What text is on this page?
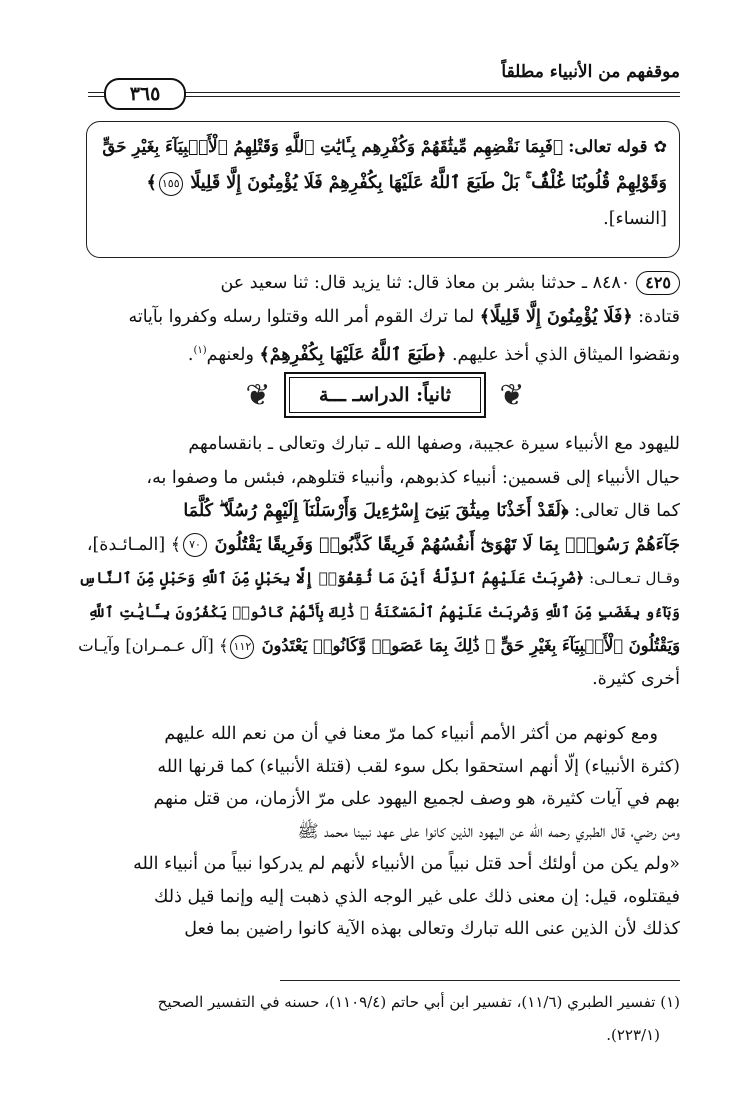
موقفهم من الأنبياء مطلقاً
٣٦٥
✿قوله تعالى: ﴿فَبِمَا نَقْضِهِم مِّيثَٰقَهُمْ وَكُفْرِهِم بِـَٔايَٰتِ ٱللَّهِ وَقَتْلِهِمُ ٱلْأَنۢبِيَآءَ بِغَيْرِ حَقٍّ
وَقَوْلِهِمْ قُلُوبُنَا غُلْفٌۢ ۚ بَلْ طَبَعَ ٱللَّهُ عَلَيْهَا بِكُفْرِهِمْ فَلَا يُؤْمِنُونَ إِلَّا قَلِيلًا ١٥٥﴾
[النساء].
٤٢٥٨٤٨٠ ـ حدثنا بشر بن معاذ قال: ثنا يزيد قال: ثنا سعيد عن
قتادة: ﴿فَلَا يُؤْمِنُونَ إِلَّا قَلِيلًا﴾ لما ترك القوم أمر الله وقتلوا رسله وكفروا بآياته
ونقضوا الميثاق الذي أخذ عليهم. ﴿طَبَعَ ٱللَّهُ عَلَيْهَا بِكُفْرِهِمْ﴾ ولعنهم$^{(١)}$.
❦
ثانياً: الدراسـ ـــة
❦
لليهود مع الأنبياء سيرة عجيبة، وصفها الله ـ تبارك وتعالى ـ بانقسامهم
حيال الأنبياء إلى قسمين: أنبياء كذبوهم، وأنبياء قتلوهم، فبئس ما وصفوا به،
كما قال تعالى: ﴿لَقَدْ أَخَذْنَا مِيثَٰقَ بَنِىٓ إِسْرَٰٓءِيلَ وَأَرْسَلْنَآ إِلَيْهِمْ رُسُلًا ۖ كُلَّمَا
جَآءَهُمْ رَسُولٌۢ بِمَا لَا تَهْوَىٰٓ أَنفُسُهُمْ فَرِيقًا كَذَّبُوا۟ وَفَرِيقًا يَقْتُلُونَ ٧٠﴾ [المـائـدة]،
وقـال تـعـالـى: ﴿ضُرِبَتْ عَلَيْهِمُ ٱلذِّلَّةُ أَيْنَ مَا ثُقِفُوٓا۟ إِلَّا بِحَبْلٍ مِّنَ ٱللَّهِ وَحَبْلٍ مِّنَ ٱلنَّاسِ
وَبَآءُو بِغَضَبٍ مِّنَ ٱللَّهِ وَضُرِبَتْ عَلَيْهِمُ ٱلْمَسْكَنَةُ ۚ ذَٰلِكَ بِأَنَّهُمْ كَانُوا۟ يَكْفُرُونَ بِـَٔايَٰتِ ٱللَّهِ
وَيَقْتُلُونَ ٱلْأَنۢبِيَآءَ بِغَيْرِ حَقٍّ ۚ ذَٰلِكَ بِمَا عَصَوا۟ وَّكَانُوا۟ يَعْتَدُونَ ١١٢﴾ [آل عـمـران] وآيـات
أخرى كثيرة.
ومع كونهم من أكثر الأمم أنبياء كما مرّ معنا في أن من نعم الله عليهم
(كثرة الأنبياء) إلّا أنهم استحقوا بكل سوء لقب (قتلة الأنبياء) كما قرنها الله
بهم في آيات كثيرة، هو وصف لجميع اليهود على مرّ الأزمان، من قتل منهم
ومن رضي، قال الطبري رحمه الله عن اليهود الذين كانوا على عهد نبينا محمد ﷺ
«ولم يكن من أولئك أحد قتل نبياً من الأنبياء لأنهم لم يدركوا نبياً من أنبياء الله
فيقتلوه، قيل: إن معنى ذلك على غير الوجه الذي ذهبت إليه وإنما قيل ذلك
كذلك لأن الذين عنى الله تبارك وتعالى بهذه الآية كانوا راضين بما فعل
(١) تفسير الطبري (١١/٦)، تفسير ابن أبي حاتم (١١٠٩/٤)، حسنه في التفسير الصحيح
(٢٢٣/١).
